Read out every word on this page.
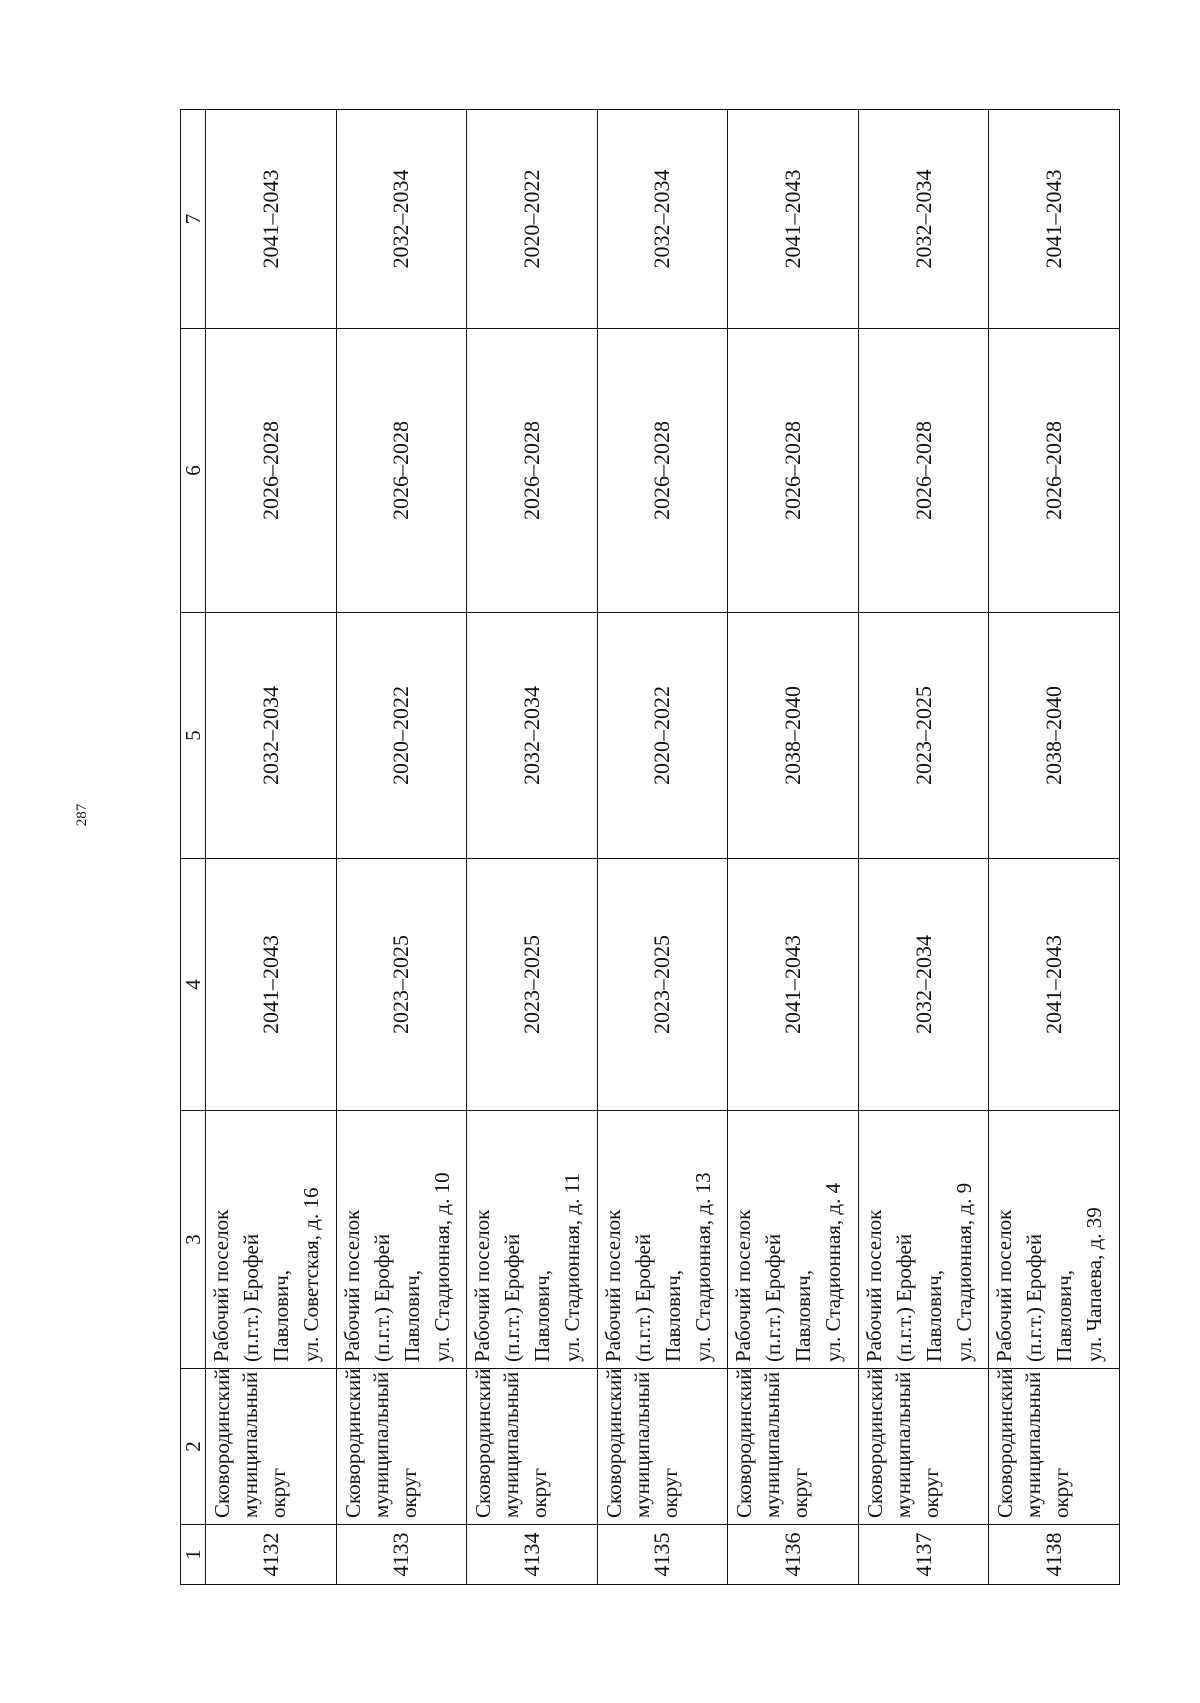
287
1	2	3	4	5	6	7
4132	Сковородинский муниципальный округ	Рабочий поселок (п.г.т.) Ерофей Павлович, ул. Советская, д. 16	2041–2043	2032–2034	2026–2028	2041–2043
4133	Сковородинский муниципальный округ	Рабочий поселок (п.г.т.) Ерофей Павлович, ул. Стадионная, д. 10	2023–2025	2020–2022	2026–2028	2032–2034
4134	Сковородинский муниципальный округ	Рабочий поселок (п.г.т.) Ерофей Павлович, ул. Стадионная, д. 11	2023–2025	2032–2034	2026–2028	2020–2022
4135	Сковородинский муниципальный округ	Рабочий поселок (п.г.т.) Ерофей Павлович, ул. Стадионная, д. 13	2023–2025	2020–2022	2026–2028	2032–2034
4136	Сковородинский муниципальный округ	Рабочий поселок (п.г.т.) Ерофей Павлович, ул. Стадионная, д. 4	2041–2043	2038–2040	2026–2028	2041–2043
4137	Сковородинский муниципальный округ	Рабочий поселок (п.г.т.) Ерофей Павлович, ул. Стадионная, д. 9	2032–2034	2023–2025	2026–2028	2032–2034
4138	Сковородинский муниципальный округ	Рабочий поселок (п.г.т.) Ерофей Павлович, ул. Чапаева, д. 39	2041–2043	2038–2040	2026–2028	2041–2043
